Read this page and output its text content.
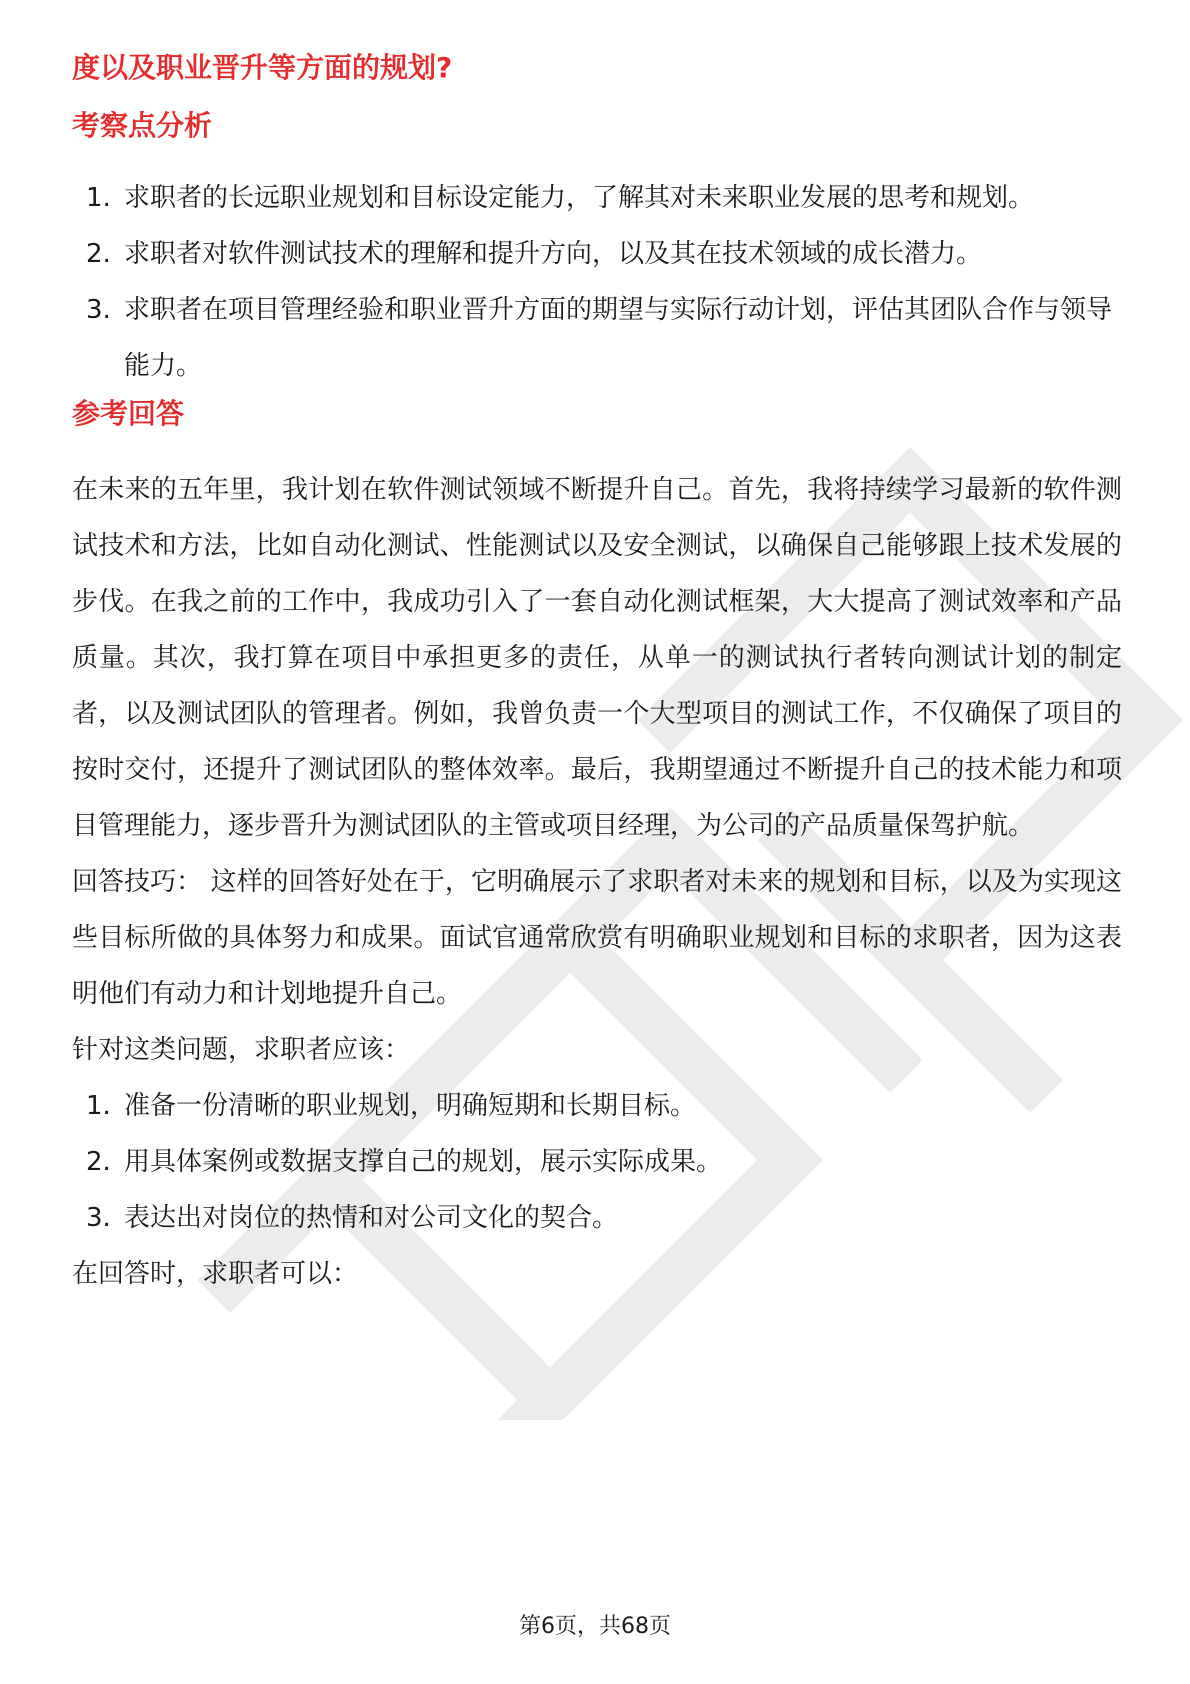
度以及职业晋升等方面的规划?
考察点分析
1. 求职者的长远职业规划和目标设定能力，了解其对未来职业发展的思考和规划。
2. 求职者对软件测试技术的理解和提升方向，以及其在技术领域的成长潜力。
3. 求职者在项目管理经验和职业晋升方面的期望与实际行动计划，评估其团队合作与领导能力。
参考回答

在未来的五年里，我计划在软件测试领域不断提升自己。首先，我将持续学习最新的软件测试技术和方法，比如自动化测试、性能测试以及安全测试，以确保自己能够跟上技术发展的步伐。在我之前的工作中，我成功引入了一套自动化测试框架，大大提高了测试效率和产品质量。其次，我打算在项目中承担更多的责任，从单一的测试执行者转向测试计划的制定者，以及测试团队的管理者。例如，我曾负责一个大型项目的测试工作，不仅确保了项目的按时交付，还提升了测试团队的整体效率。最后，我期望通过不断提升自己的技术能力和项目管理能力，逐步晋升为测试团队的主管或项目经理，为公司的产品质量保驾护航。

回答技巧： 这样的回答好处在于，它明确展示了求职者对未来的规划和目标，以及为实现这些目标所做的具体努力和成果。面试官通常欣赏有明确职业规划和目标的求职者，因为这表明他们有动力和计划地提升自己。

针对这类问题，求职者应该：

1. 准备一份清晰的职业规划，明确短期和长期目标。
2. 用具体案例或数据支撑自己的规划，展示实际成果。
3. 表达出对岗位的热情和对公司文化的契合。

在回答时，求职者可以：

第6页，共68页
